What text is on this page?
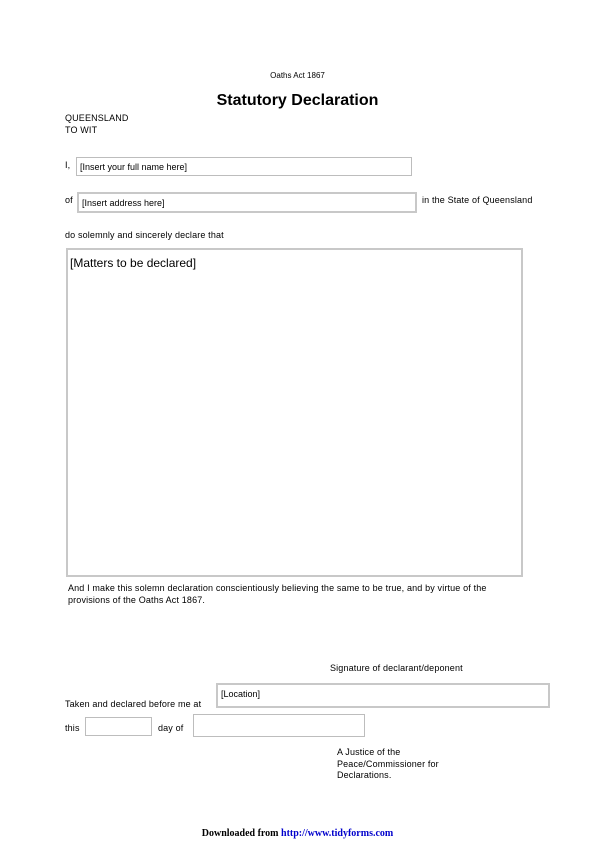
Oaths Act 1867
Statutory Declaration
QUEENSLAND
TO WIT
I,	[Insert your full name here]
of	[Insert address here]	in the State of Queensland
do solemnly and sincerely declare that
[Matters to be declared]
And I make this solemn declaration conscientiously believing the same to be true, and by virtue of the
provisions of the Oaths Act 1867.
Signature of declarant/deponent
Taken and declared before me at
[Location]
this	day of
A Justice of the
Peace/Commissioner for
Declarations.
Downloaded from http://www.tidyforms.com
